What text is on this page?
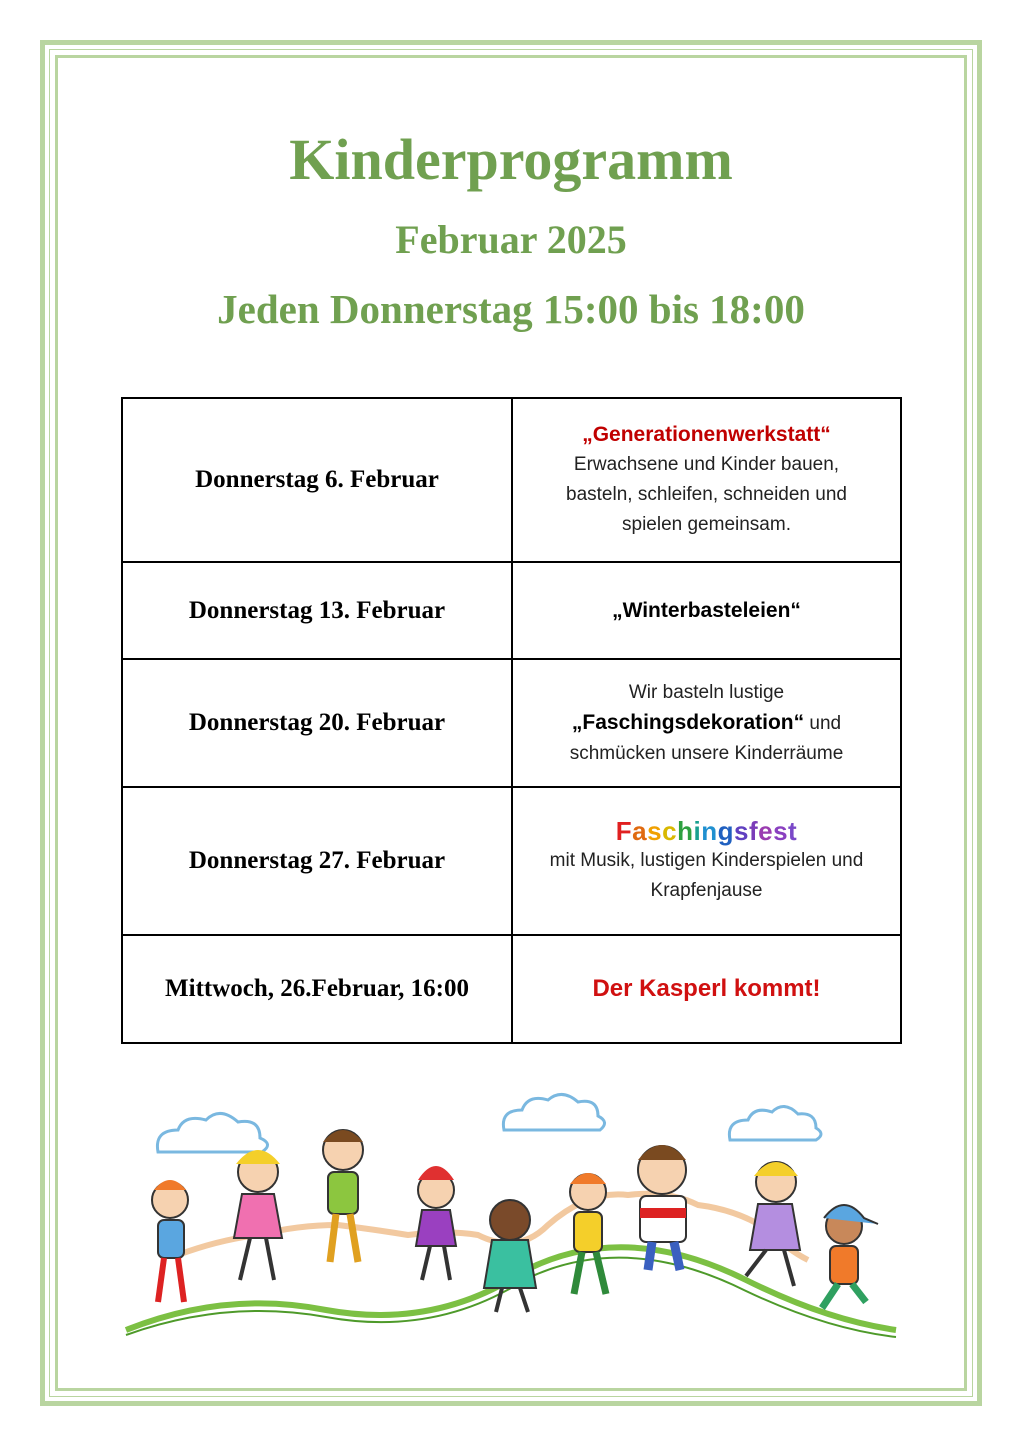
Kinderprogramm
Februar 2025
Jeden Donnerstag 15:00 bis 18:00
Donnerstag 6. Februar	„Generationenwerkstatt“
Erwachsene und Kinder bauen,
basteln, schleifen, schneiden und
spielen gemeinsam.

Donnerstag 13. Februar	„Winterbasteleien“

Donnerstag 20. Februar	Wir basteln lustige
„Faschingsdekoration“ und
schmücken unsere Kinderräume

Donnerstag 27. Februar	Faschingsfest
mit Musik, lustigen Kinderspielen und
Krapfenjause

Mittwoch, 26.Februar, 16:00	Der Kasperl kommt!
